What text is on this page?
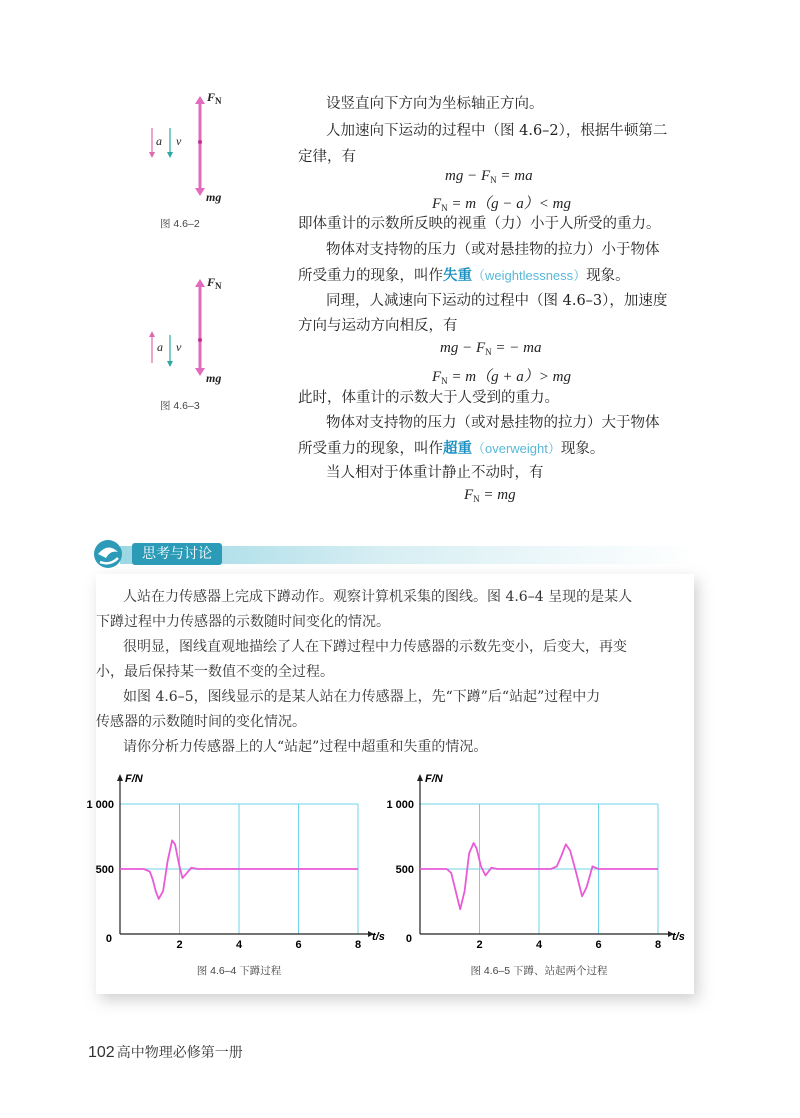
$F_N$
mg
a v
图 4.6–2
$F_N$
mg
a v
图 4.6–3
设竖直向下方向为坐标轴正方向。
人加速向下运动的过程中（图 4.6–2），根据牛顿第二
定律，有
mg − $F_N$ = ma
$F_N = m(g - a)<$ mg
即体重计的示数所反映的视重（力）小于人所受的重力。
物体对支持物的压力（或对悬挂物的拉力）小于物体
所受重力的现象，叫作失重（weightlessness）现象。
同理，人减速向下运动的过程中（图 4.6–3），加速度
方向与运动方向相反，有
mg − $F_N$ = − ma
$F_N = m(g + a)>$ mg
此时，体重计的示数大于人受到的重力。
物体对支持物的压力（或对悬挂物的拉力）大于物体
所受重力的现象，叫作超重（overweight）现象。
当人相对于体重计静止不动时，有
$F_N$ = mg
思考与讨论
人站在力传感器上完成下蹲动作。观察计算机采集的图线。图 4.6–4 呈现的是某人
下蹲过程中力传感器的示数随时间变化的情况。
很明显，图线直观地描绘了人在下蹲过程中力传感器的示数先变小，后变大，再变
小，最后保持某一数值不变的全过程。
如图 4.6–5，图线显示的是某人站在力传感器上，先“下蹲”后“站起”过程中力
传感器的示数随时间的变化情况。
请你分析力传感器上的人“站起”过程中超重和失重的情况。
F/N
t/s
0
500
1 000
2	4	6	8
图 4.6–4 下蹲过程
F/N
t/s
0
500
1 000
2	4	6	8
图 4.6–5 下蹲、站起两个过程
102 高中物理必修第一册
